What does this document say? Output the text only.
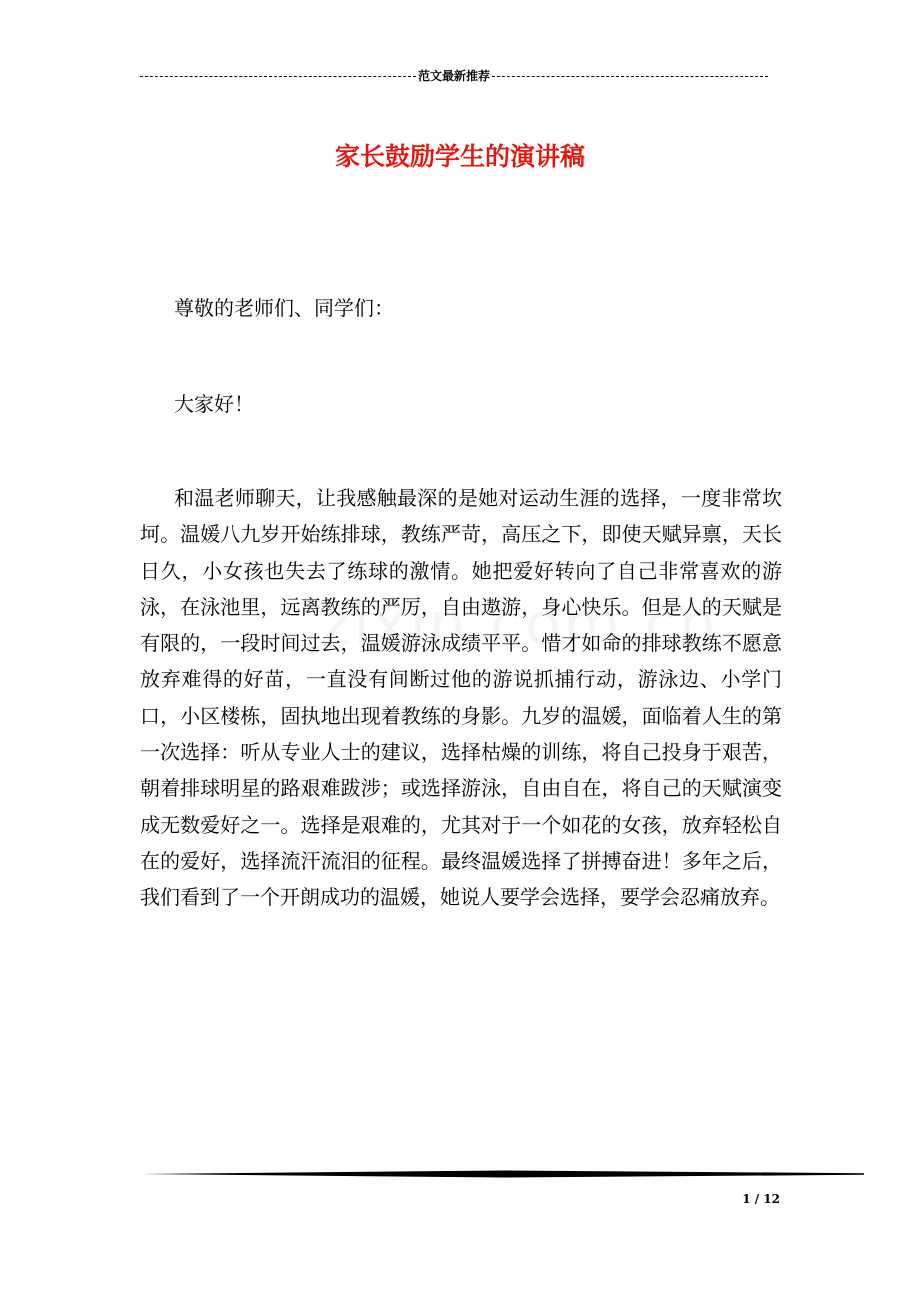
范文最新推荐
家长鼓励学生的演讲稿

尊敬的老师们、同学们：

大家好！

和温老师聊天，让我感触最深的是她对运动生涯的选择，一度非常坎坷。温媛八九岁开始练排球，教练严苛，高压之下，即使天赋异禀，天长日久，小女孩也失去了练球的激情。她把爱好转向了自己非常喜欢的游泳，在泳池里，远离教练的严厉，自由遨游，身心快乐。但是人的天赋是有限的，一段时间过去，温媛游泳成绩平平。惜才如命的排球教练不愿意放弃难得的好苗，一直没有间断过他的游说抓捕行动，游泳边、小学门口，小区楼栋，固执地出现着教练的身影。九岁的温媛，面临着人生的第一次选择：听从专业人士的建议，选择枯燥的训练，将自己投身于艰苦，朝着排球明星的路艰难跋涉；或选择游泳，自由自在，将自己的天赋演变成无数爱好之一。选择是艰难的，尤其对于一个如花的女孩，放弃轻松自在的爱好，选择流汗流泪的征程。最终温媛选择了拼搏奋进！多年之后，我们看到了一个开朗成功的温媛，她说人要学会选择，要学会忍痛放弃。

1 / 12
